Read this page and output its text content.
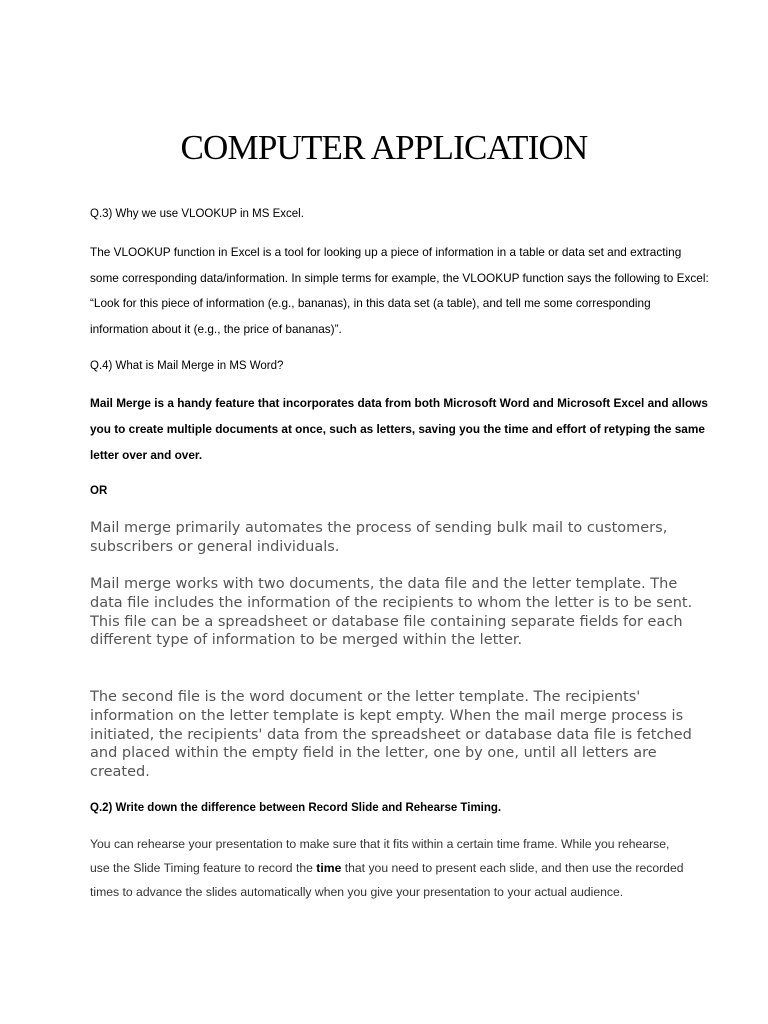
COMPUTER APPLICATION

Q.3) Why we use VLOOKUP in MS Excel.

The VLOOKUP function in Excel is a tool for looking up a piece of information in a table or data set and extracting some corresponding data/information. In simple terms for example, the VLOOKUP function says the following to Excel: “Look for this piece of information (e.g., bananas), in this data set (a table), and tell me some corresponding information about it (e.g., the price of bananas)”.

Q.4) What is Mail Merge in MS Word?

Mail Merge is a handy feature that incorporates data from both Microsoft Word and Microsoft Excel and allows you to create multiple documents at once, such as letters, saving you the time and effort of retyping the same letter over and over.

OR

Mail merge primarily automates the process of sending bulk mail to customers, subscribers or general individuals.

Mail merge works with two documents, the data file and the letter template. The data file includes the information of the recipients to whom the letter is to be sent. This file can be a spreadsheet or database file containing separate fields for each different type of information to be merged within the letter.

The second file is the word document or the letter template. The recipients' information on the letter template is kept empty. When the mail merge process is initiated, the recipients' data from the spreadsheet or database data file is fetched and placed within the empty field in the letter, one by one, until all letters are created.

Q.2) Write down the difference between Record Slide and Rehearse Timing.

You can rehearse your presentation to make sure that it fits within a certain time frame. While you rehearse, use the Slide Timing feature to record the time that you need to present each slide, and then use the recorded times to advance the slides automatically when you give your presentation to your actual audience.
